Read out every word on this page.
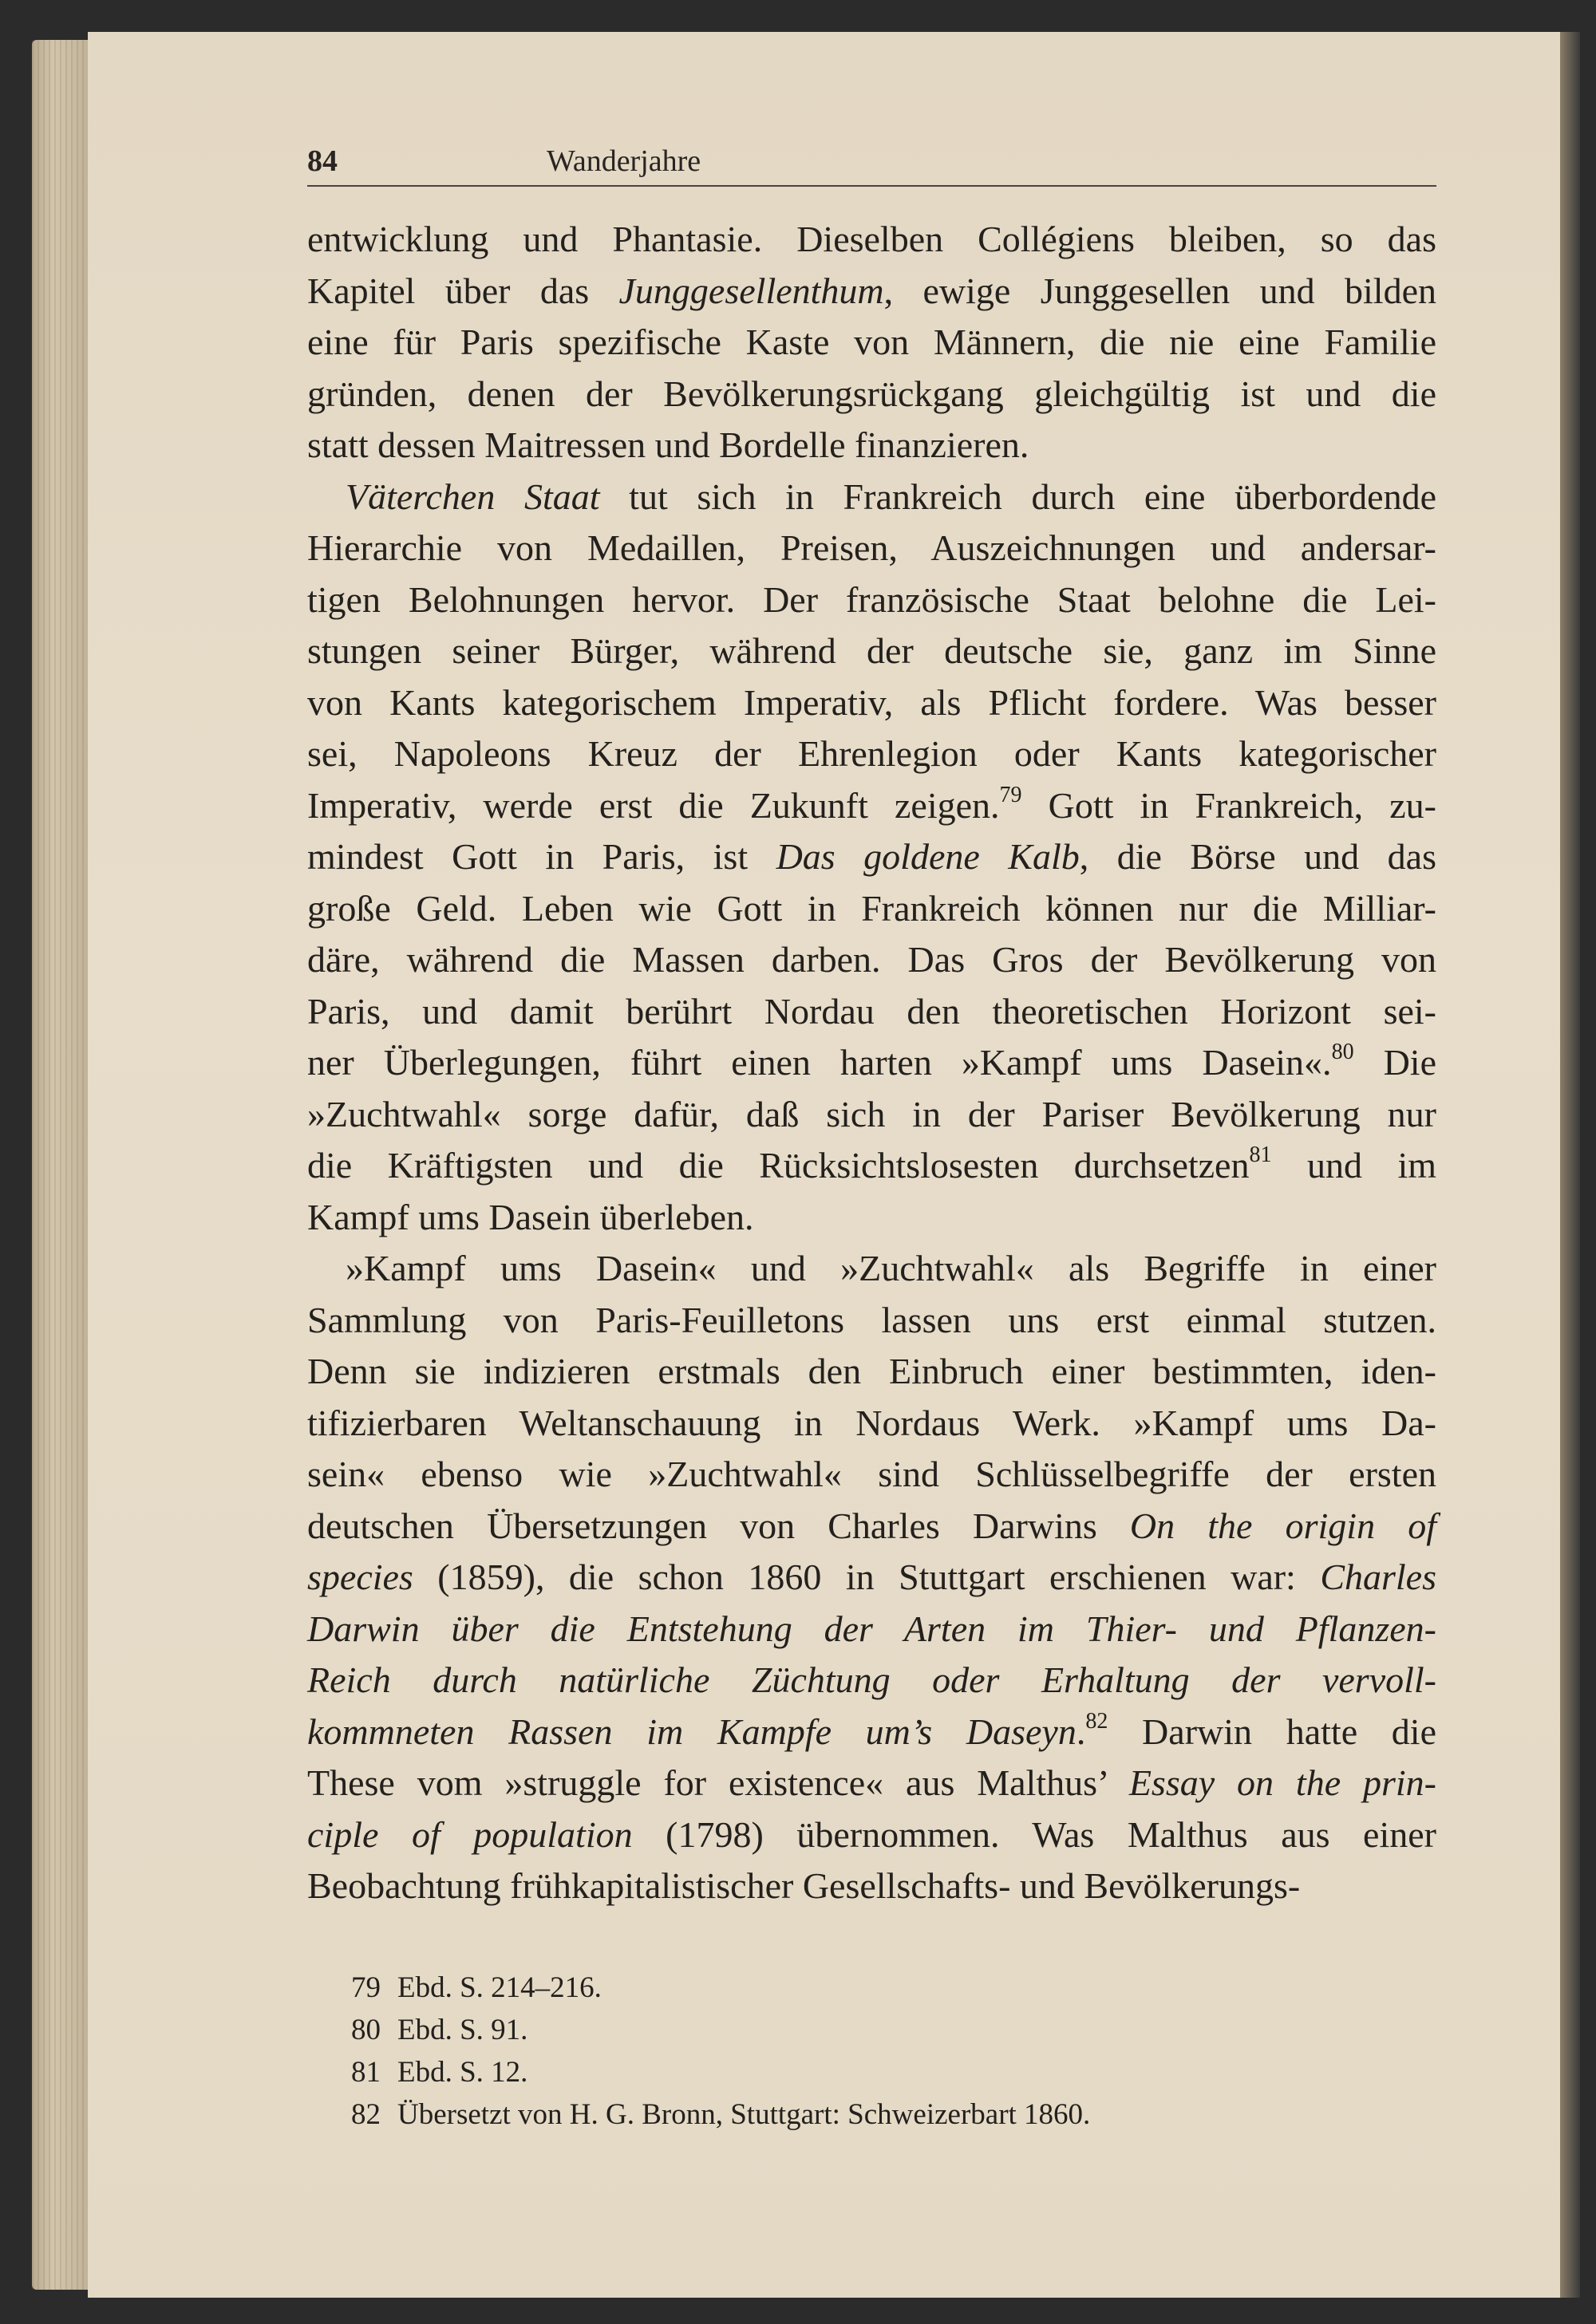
84	Wanderjahre
entwicklung und Phantasie. Dieselben Collégiens bleiben, so das
Kapitel über das Junggesellenthum, ewige Junggesellen und bilden
eine für Paris spezifische Kaste von Männern, die nie eine Familie
gründen, denen der Bevölkerungsrückgang gleichgültig ist und die
statt dessen Maitressen und Bordelle finanzieren.
Väterchen Staat tut sich in Frankreich durch eine überbordende
Hierarchie von Medaillen, Preisen, Auszeichnungen und andersar-
tigen Belohnungen hervor. Der französische Staat belohne die Lei-
stungen seiner Bürger, während der deutsche sie, ganz im Sinne
von Kants kategorischem Imperativ, als Pflicht fordere. Was besser
sei, Napoleons Kreuz der Ehrenlegion oder Kants kategorischer
Imperativ, werde erst die Zukunft zeigen.$^{79}$ Gott in Frankreich, zu-
mindest Gott in Paris, ist Das goldene Kalb, die Börse und das
große Geld. Leben wie Gott in Frankreich können nur die Milliar-
däre, während die Massen darben. Das Gros der Bevölkerung von
Paris, und damit berührt Nordau den theoretischen Horizont sei-
ner Überlegungen, führt einen harten »Kampf ums Dasein«.$^{80}$ Die
»Zuchtwahl« sorge dafür, daß sich in der Pariser Bevölkerung nur
die Kräftigsten und die Rücksichtslosesten durchsetzen$^{81}$ und im
Kampf ums Dasein überleben.
»Kampf ums Dasein« und »Zuchtwahl« als Begriffe in einer
Sammlung von Paris-Feuilletons lassen uns erst einmal stutzen.
Denn sie indizieren erstmals den Einbruch einer bestimmten, iden-
tifizierbaren Weltanschauung in Nordaus Werk. »Kampf ums Da-
sein« ebenso wie »Zuchtwahl« sind Schlüsselbegriffe der ersten
deutschen Übersetzungen von Charles Darwins On the origin of
species (1859), die schon 1860 in Stuttgart erschienen war: Charles
Darwin über die Entstehung der Arten im Thier- und Pflanzen-
Reich durch natürliche Züchtung oder Erhaltung der vervoll-
kommneten Rassen im Kampfe um’s Daseyn.$^{82}$ Darwin hatte die
These vom »struggle for existence« aus Malthus’ Essay on the prin-
ciple of population (1798) übernommen. Was Malthus aus einer
Beobachtung frühkapitalistischer Gesellschafts- und Bevölkerungs-
79 Ebd. S. 214–216.
80 Ebd. S. 91.
81 Ebd. S. 12.
82 Übersetzt von H. G. Bronn, Stuttgart: Schweizerbart 1860.
